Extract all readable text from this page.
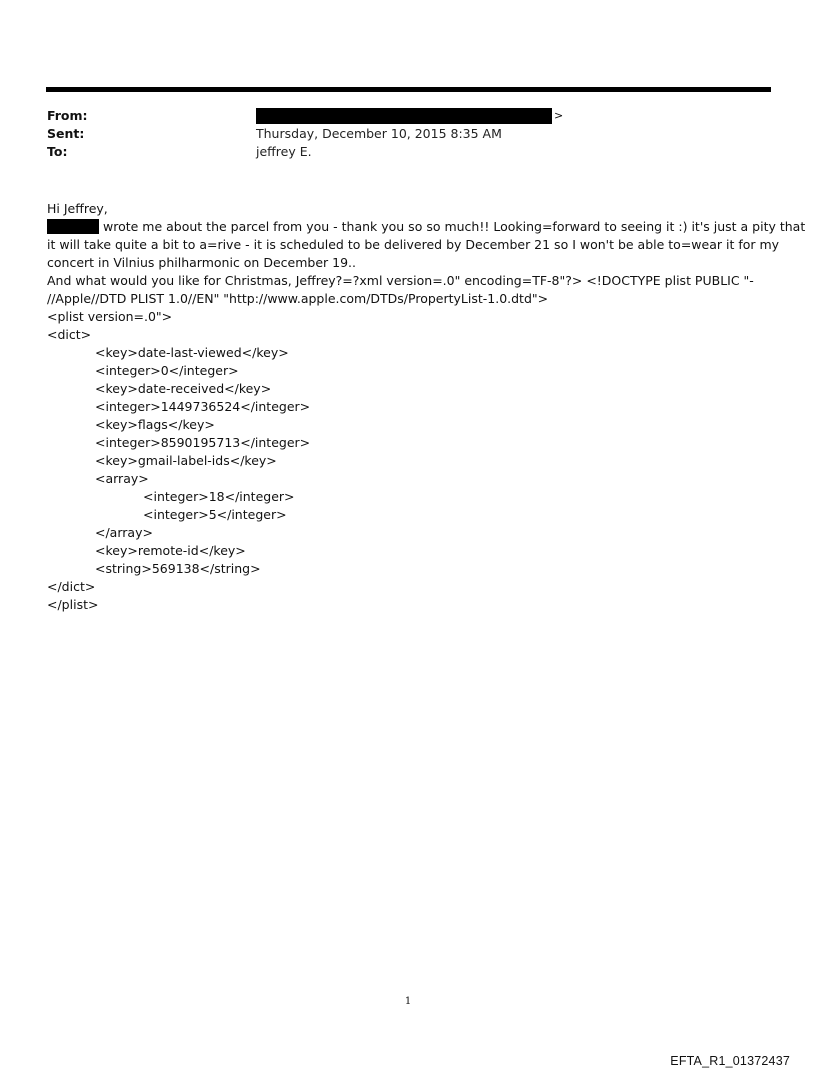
From:	>
Sent:	Thursday, December 10, 2015 8:35 AM
To:	jeffrey E.
Hi Jeffrey,
wrote me about the parcel from you - thank you so so much!! Looking=forward to seeing it :) it's just a pity that
it will take quite a bit to a=rive - it is scheduled to be delivered by December 21 so I won't be able to=wear it for my
concert in Vilnius philharmonic on December 19..
And what would you like for Christmas, Jeffrey?=?xml version=.0" encoding=TF-8"?> <!DOCTYPE plist PUBLIC "-
//Apple//DTD PLIST 1.0//EN" "http://www.apple.com/DTDs/PropertyList-1.0.dtd">
<plist version=.0">
<dict>
<key>date-last-viewed</key>
<integer>0</integer>
<key>date-received</key>
<integer>1449736524</integer>
<key>flags</key>
<integer>8590195713</integer>
<key>gmail-label-ids</key>
<array>
<integer>18</integer>
<integer>5</integer>
</array>
<key>remote-id</key>
<string>569138</string>
</dict>
</plist>
1
EFTA_R1_01372437
